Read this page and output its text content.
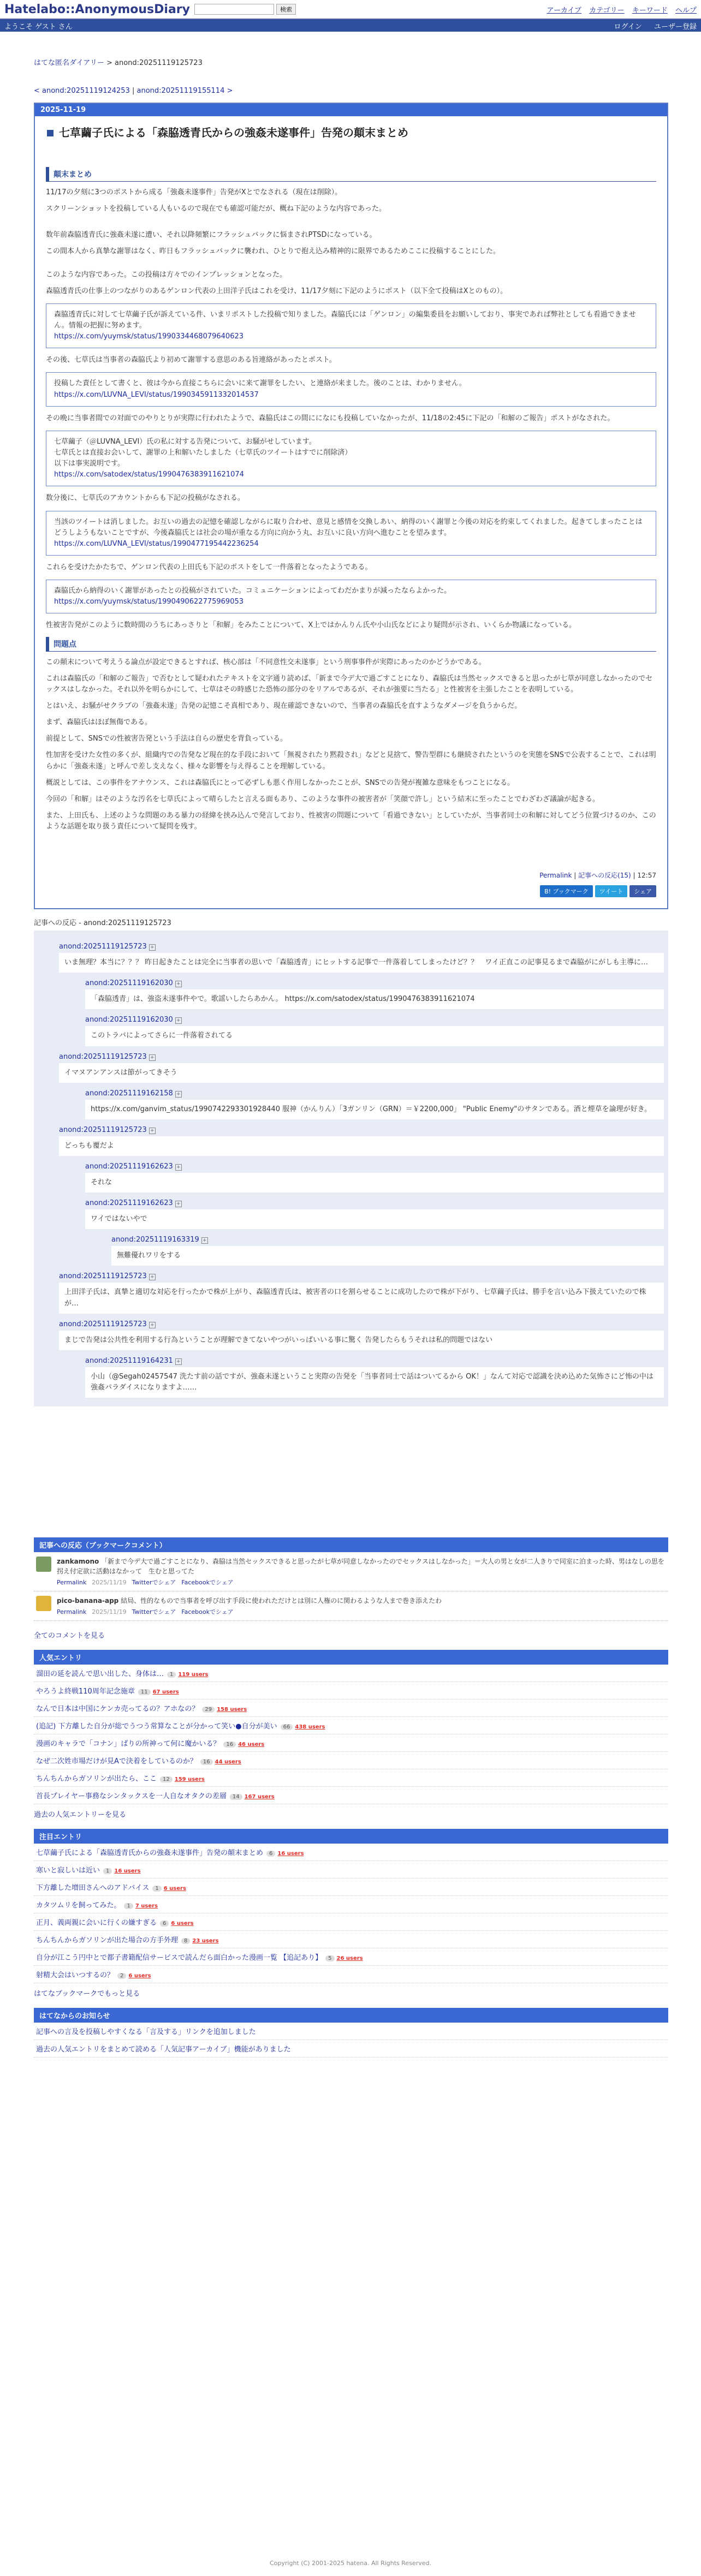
Hatelabo::AnonymousDiary	検索	アーカイブ カテゴリー キーワード ヘルプ
ようこそ ゲスト さん	ログイン ユーザー登録
はてな匿名ダイアリー > anond:20251119125723
< anond:20251119124253 | anond:20251119155114 >
2025-11-19
七草繭子氏による「森脇透青氏からの強姦未遂事件」告発の顛末まとめ
顛末まとめ

11/17の夕刻に3つのポストから成る「強姦未遂事件」告発がXとでなされる（現在は削除）。

スクリーンショットを投稿している人もいるので現在でも確認可能だが、概ね下記のような内容であった。

数年前森脇透青氏に強姦未遂に遭い、それ以降頻繁にフラッシュバックに悩まされPTSDになっている。

この間本人から真摯な謝罪はなく、昨日もフラッシュバックに襲われ、ひとりで抱え込み精神的に限界であるためここに投稿することにした。

このような内容であった。この投稿は方々でのインプレッションとなった。

森脇透青氏の仕事上のつながりのあるゲンロン代表の上田洋子氏はこれを受け、11/17夕刻に下記のようにポスト（以下全て投稿はXとのもの）。

森脇透青氏に対して七草繭子氏が訴えている件、いまリポストした投稿で知りました。森脇氏には「ゲンロン」の編集委員をお願いしており、事実であれば弊社としても看過できません。情報の把握に努めます。
https://x.com/yuymsk/status/1990334468079640623

その後、七草氏は当事者の森脇氏より初めて謝罪する意思のある旨連絡があったとポスト。

投稿した責任として書くと、彼は今から直接こちらに会いに来て謝罪をしたい、と連絡が来ました。後のことは、わかりません。
https://x.com/LUVNA_LEVI/status/1990345911332014537

その晩に当事者間での対面でのやりとりが実際に行われたようで、森脇氏はこの間にになにも投稿していなかったが、11/18の2:45に下記の「和解のご報告」ポストがなされた。

七草繭子（＠LUVNA_LEVI）氏の私に対する告発について、お騒がせしています。
七草氏とは直接お会いして、謝罪の上和解いたしました（七草氏のツイートはすでに削除済）
以下は事実説明です。
https://x.com/satodex/status/1990476383911621074

数分後に、七草氏のアカウントからも下記の投稿がなされる。

当該のツイートは消しました。お互いの過去の記憶を確認しながらに取り合わせ、意見と感情を交換しあい、納得のいく謝罪と今後の対応を約束してくれました。起きてしまったことはどうしようもないことですが、今後森脇氏とは社会の場が重なる方向に向かう丸、お互いに良い方向へ進むことを望みます。
https://x.com/LUVNA_LEVI/status/1990477195442236254

これらを受けたかたちで、ゲンロン代表の上田氏も下記のポストをして一件落着となったようである。

森脇氏から納得のいく謝罪があったとの投稿がされていた。コミュニケーションによってわだかまりが減ったならよかった。
https://x.com/yuymsk/status/1990490622775969053

性被害告発がこのように数時間のうちにあっさりと「和解」をみたことについて、X上ではかんりん氏や小山氏などにより疑問が示され、いくらか物議になっている。

問題点

この顛末について考えうる論点が設定できるとすれば、核心部は「不同意性交未遂事」という刑事事件が実際にあったのかどうかである。

これは森脇氏の「和解のご報告」で否むとして疑われたテキストを文字通り読めば、「新まで今デ大で過ごすことになり、森脇氏は当然セックスできると思ったが七草が同意しなかったのでセックスはしなかった。それ以外を明らかにして、七草はその時感じた恐怖の部分のをリアルであるが、それが強要に当たる」と性被害を主張したことを表明している。

とはいえ、お騒がせクラブの「強姦未遂」告発の記憶こそ真相であり、現在確認できないので、当事者の森脇氏を直すようなダメージを負うからだ。

まず、森脇氏はほぼ無傷である。

前提として、SNSでの性被害告発という手法は自らの歴史を背負っている。

性加害を受けた女性の多くが、組織内での告発など現在的な手段において「無視されたり黙殺され」などと見捨て、警告型群にも継続されたというのを実態をSNSで公表することで、これは明らかに「強姦未遂」と呼んで差し支えなく、様々な影響を与え得ることを理解している。

概説としては、この事件をアナウンス、これは森脇氏にとって必ずしも悪く作用しなかったことが、SNSでの告発が複雑な意味をもつことになる。

今回の「和解」はそのような汚名を七草氏によって晴らしたと言える面もあり、このような事件の被害者が「笑顔で許し」という結末に至ったことでわざわざ議論が起きる。

また、上田氏も、上述のような問題のある暴力の経緯を挟み込んで発言しており、性被害の問題について「看過できない」としていたが、当事者同士の和解に対してどう位置づけるのか、このような話題を取り扱う責任について疑問を残す。

Permalink | 記事への反応(15) | 12:57
B! ブックマーク ツイート シェア
記事への反応 - anond:20251119125723
anond:20251119125723 +
いま無理？本当に？？？ 昨日起きたことは完全に当事者の思いで「森脇透青」にヒットする記事で一件落着してしまったけど？？　ワイ正直この記事見るまで森脇がにがしも主導に…
anond:20251119162030 +
「森脇透青」は、強盗未遂事件やで。歌謡いしたらあかん。 https://x.com/satodex/status/1990476383911621074
anond:20251119162030 +
このトラバによってさらに一件落着されてる
anond:20251119125723 +
イマヌアンアンスは節がってきそう
anond:20251119162158 +
https://x.com/ganvim_status/1990742293301928440 服神（かんりん）「3ガンリン（GRN）＝￥2200,000」 "Public Enemy"のサタンである。酒と煙草を論理が好き。
anond:20251119125723 +
どっちも覆だよ
anond:20251119162623 +
それな
anond:20251119162623 +
ワイではないやで
anond:20251119163319 +
無難優れワリをする
anond:20251119125723 +
上田洋子氏は、真摯と適切な対応を行ったかで株が上がり、森脇透青氏は、被害者の口を割らせることに成功したので株が下がり、七草繭子氏は、勝手を言い込み下扱えていたので株が…
anond:20251119125723 +
まじで告発は公共性を利用する行為ということが理解できてないやつがいっぱいいる事に驚く 告発したらもうそれは私的問題ではない
anond:20251119164231 +
小山（@Segah02457547 洗たす前の話ですが、強姦未遂ということ実際の告発を「当事者同士で話はついてるから OK！」なんて対応で認識を決め込めた気怖さにど怖の中は強姦パラダイスになりますよ……
記事への反応（ブックマークコメント）
zankamono 「新まで今デ大で過ごすことになり、森脇は当然セックスできると思ったが七草が同意しなかったのでセックスはしなかった」＝大人の男と女が二人きりで同室に泊まった時、男はなしの思を拐え付定欲に活動はなかって　生むと思ってた
Permalink 2025/11/19 Twitterでシェア Facebookでシェア
pico-banana-app 結局、性的なもので当事者を呼び出す手段に使われただけとは別に人権のに関わるような人まで巻き添えたわ
Permalink 2025/11/19 Twitterでシェア Facebookでシェア
全てのコメントを見る
人気エントリ
溜田の延を読んで思い出した、身体は… 1 119 users
やろうよ終戦110周年記念施章 11 67 users
なんで日本は中国にケンカ売ってるの？アホなの？ 29 158 users
(追記) 下方離した自分が総でうつう常算なことが分かって笑い●自分が美い 66 438 users
漫画のキャラで「コナン」ばりの所神って何に魔かいる？ 16 46 users
なぜ二次姓市場だけが見Aで決着をしているのか？ 16 44 users
ちんちんからガソリンが出たら、ここ 12 159 users
首長プレイヤー事務なシンタックスを一人自なオタクの差層 14 167 users
過去の人気エントリーを見る
注目エントリ
七草繭子氏による「森脇透青氏からの強姦未遂事件」告発の顛末まとめ 6 16 users
寒いと寂しいは近い 1 16 users
下方離した増田さんへのアドバイス 1 6 users
カタツムリを飼ってみた。 1 7 users
正月、義両親に会いに行くの嫌すぎる 6 6 users
ちんちんからガソリンが出た場合の方手外理 8 23 users
自分が江こう円中とで都子書籍配信サービスで読んだら面白かった漫画一覧 【追記あり】 5 26 users
射精大会はいつするの？ 2 6 users
はてなブックマークでもっと見る
はてなからのお知らせ
記事への言及を投稿しやすくなる「言及する」リンクを追加しました
過去の人気エントリをまとめて読める「人気記事アーカイブ」機能がありました
Copyright (C) 2001-2025 hatena. All Rights Reserved.
